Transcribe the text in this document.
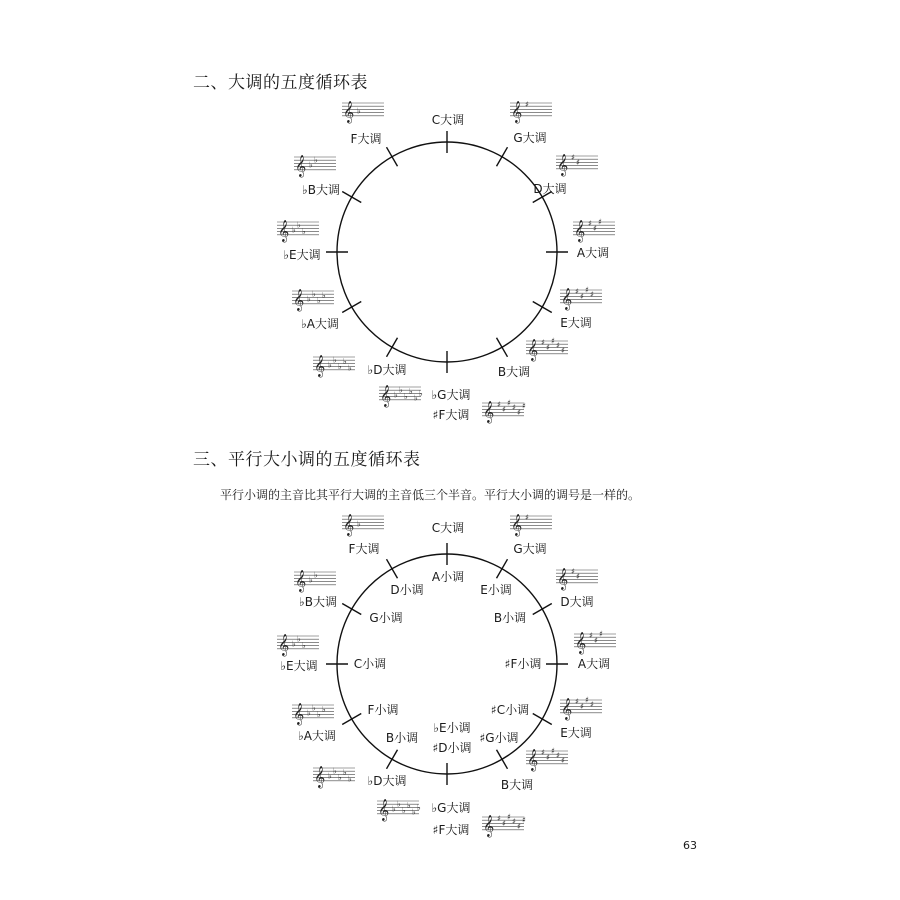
二、大调的五度循环表
三、平行大小调的五度循环表
平行小调的主音比其平行大调的主音低三个半音。平行大小调的调号是一样的。
63
C大调
G大调
𝄞 ♯
D大调
𝄞 ♯
♯
A大调
𝄞 ♯
♯
♯
E大调
𝄞 ♯
♯
♯
♯
B大调
𝄞 ♯
♯
♯
♯
♯
♭G大调
𝄞 ♭
♭
♭
♭
♭
♭
♯F大调 𝄞 ♯
♯
♯
♯
♯
♯
♭D大调
𝄞 ♭
♭
♭
♭
♭
♭A大调
𝄞 ♭
♭
♭
♭
♭E大调
𝄞 ♭
♭
♭
♭B大调
𝄞 ♭
♭
F大调
𝄞 ♭
C大调
G大调
𝄞 ♯
D大调
𝄞 ♯
♯
A大调
𝄞 ♯
♯
♯
E大调
𝄞 ♯
♯
♯
♯
B大调
𝄞 ♯
♯
♯
♯
♯
♭G大调
𝄞 ♭
♭
♭
♭
♭
♭
♯F大调 𝄞 ♯
♯
♯
♯
♯
♯
♭D大调
𝄞 ♭
♭
♭
♭
♭
♭A大调
𝄞 ♭
♭
♭
♭
♭E大调
𝄞 ♭
♭
♭
♭B大调
𝄞 ♭
♭
F大调
𝄞 ♭
A小调
E小调
B小调
♯F小调
♯C小调
♯G小调
♭E小调
♯D小调
B小调
F小调
C小调
G小调
D小调
